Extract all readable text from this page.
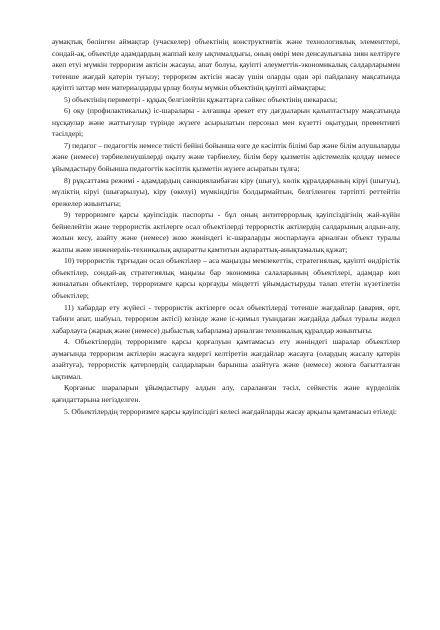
аумақтық бөлінген аймақтар (учаскелер) объектінің конструктивтік және технологиялық элементтері, сондай-ақ, объектіде адамдардың жаппай келу ықтималдығы, оның өмірі мен денсаулығына зиян келтіруге әкеп етуі мүмкін терроризм актісін жасауы, апат болуы, қауіпті әлеуметтік-экономикалық салдарларымен төтенше жағдай қатерін туғызу; терроризм актісін жасау үшін оларды одан әрі пайдалану мақсатында қауіпті заттар мен материалдарды ұрлау болуы мүмкін объектінің қауіпті аймақтары;

5) объектінің периметрі - құқық белгілейтін құжаттарға сәйкес объектінің шекарасы;

6) оқу (профилактикалық) іс-шаралары - алғашқы әрекет ету дағдыларын қалыптастыру мақсатында нұсқаулар және жаттығулар түрінде жүзеге асырылатын персонал мен күзетті оқытудың превентивті тәсілдері;

7) педагог – педагогтік немесе тиісті бейіні бойынша өзге де кәсіптік білімі бар және білім алушыларды және (немесе) тәрбиеленушілерді оқыту және тәрбиелеу, білім беру қызметін әдістемелік қолдау немесе ұйымдастыру бойынша педагогтік кәсіптік қызметін жүзеге асыратын тұлға;

8) рұқсаттама режимі - адамдардың санкцияланбаған кіру (шығу), көлік құралдарының кіруі (шығуы), мүліктің кіруі (шығарылуы), кіру (өкелуі) мүмкіндігін болдырмайтын, белгіленген тәртіпті реттейтін ережелер жиынтығы;

9) терроризмге қарсы қауіпсіздік паспорты - бұл оның антитеррорлық қауіпсіздігінің жай-күйін бейнелейтін және террористік актілерге осал объектілерді террористік актілердің салдарының алдын-алу, жолын кесу, азайту және (немесе) жою жөніндегі іс-шараларды жоспарлауға арналған объект туралы жалпы және инженерлік-техникалық ақпаратты қамтитын ақпараттық-анықтамалық құжат;

10) террористік тұрғыдан осал объектілер – аса маңызды мемлекеттік, стратегиялық, қауіпті өндірістік объектілер, сондай-ақ стратегиялық маңызы бар экономика салаларының объектілері, адамдар көп жиналатын объектілер, терроризмге қарсы қорғауды міндетті ұйымдастыруды талап ететін күзетілетін объектілер;

11) хабардар ету жүйесі - террористік актілерге осал объектілерді төтенше жағдайлар (авария, өрт, табиғи апат, шабуыл, терроризм актісі) кезінде және іс-қимыл туындаған жағдайда дабыл туралы жедел хабарлауға (жарық және (немесе) дыбыстық хабарлама) арналған техникалық құралдар жиынтығы.

4. Объектілердің терроризмге қарсы қорғалуын қамтамасыз ету жөніндегі шаралар объектілер аумағында терроризм актілерін жасауға кедергі келтіретін жағдайлар жасауға (олардың жасалу қатерін азайтуға), террористік қатерлердің салдарларын барынша азайтуға және (немесе) жоюға бағытталған ықтимал.

Қорғаныс шараларын ұйымдастыру алдын алу, сараланған тәсіл, сейкестік және күрделілік қағидаттарына негізделген.

5. Объектілердің терроризмге қарсы қауіпсіздігі келесі жағдайларды жасау арқылы қамтамасыз етіледі:
